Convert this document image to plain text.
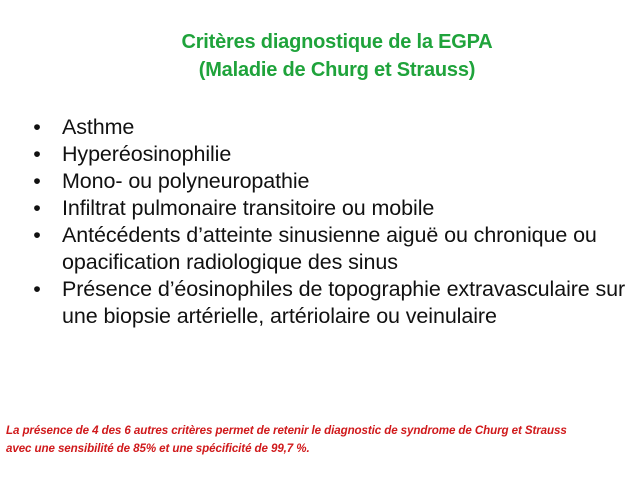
Critères diagnostique de la EGPA
(Maladie de Churg et Strauss)
• Asthme
• Hyperéosinophilie
• Mono- ou polyneuropathie
• Infiltrat pulmonaire transitoire ou mobile
• Antécédents d’atteinte sinusienne aiguë ou chronique ou opacification radiologique des sinus
• Présence d’éosinophiles de topographie extravasculaire sur une biopsie artérielle, artériolaire ou veinulaire
La présence de 4 des 6 autres critères permet de retenir le diagnostic de syndrome de Churg et Strauss
avec une sensibilité de 85% et une spécificité de 99,7 %.
